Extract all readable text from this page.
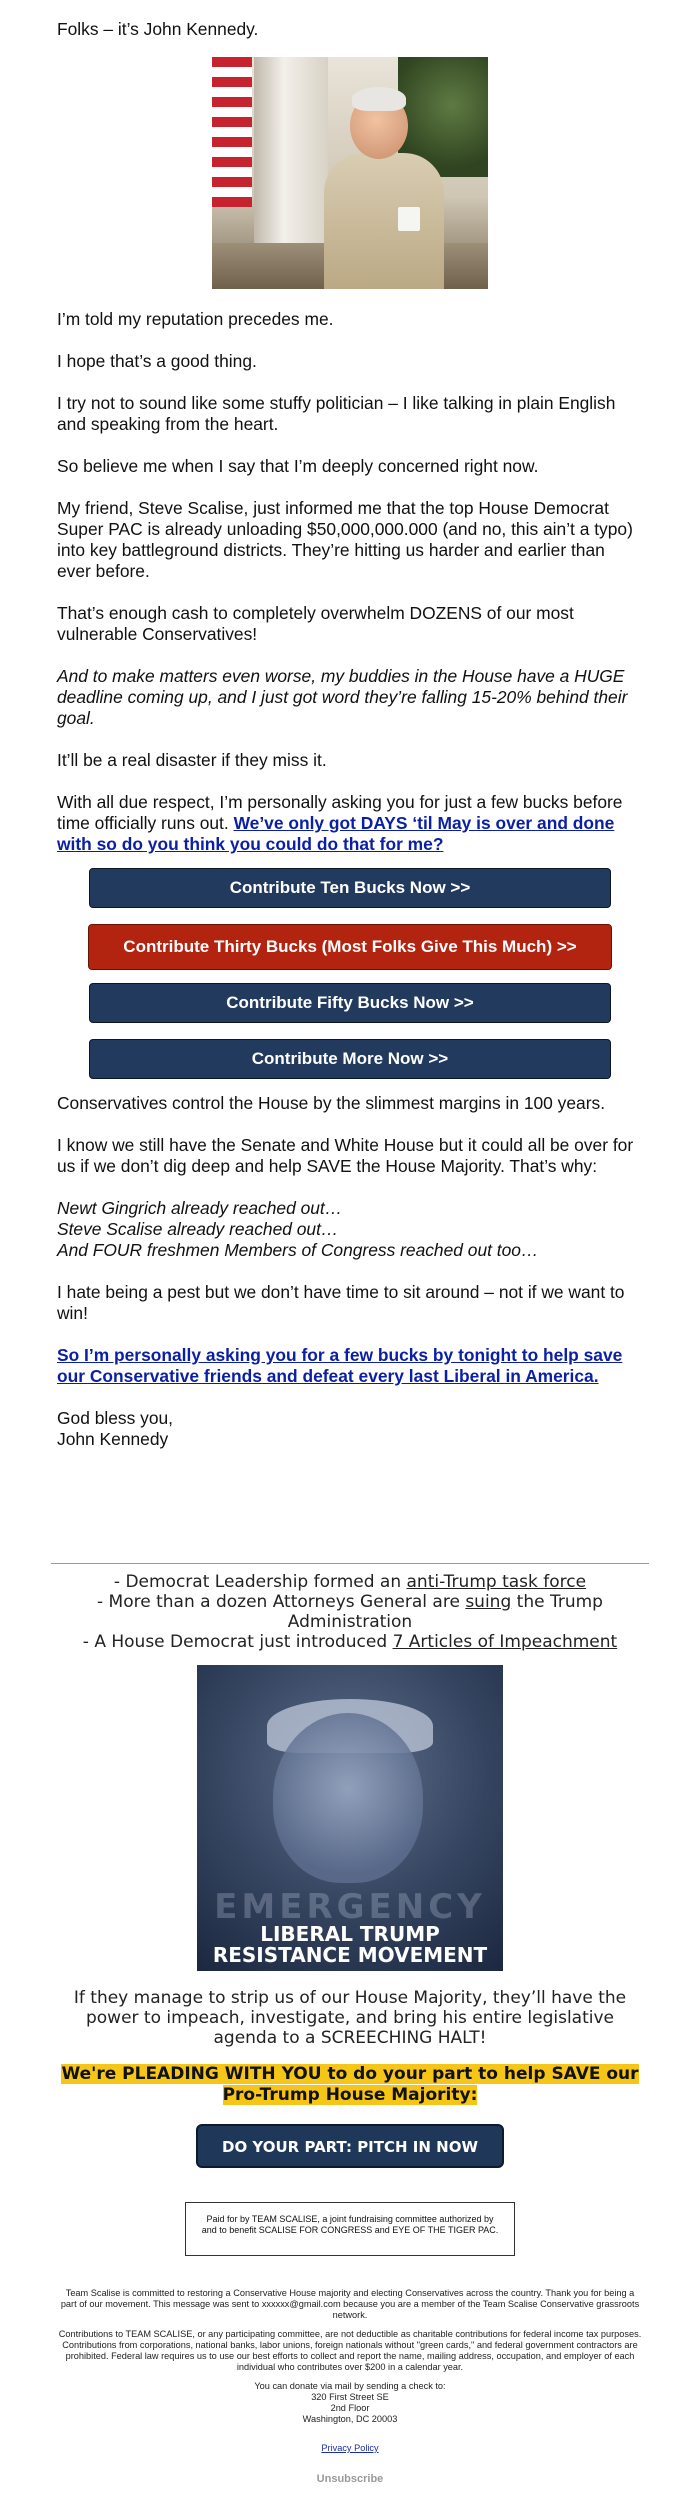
Folks – it’s John Kennedy.

I’m told my reputation precedes me.

I hope that’s a good thing.

I try not to sound like some stuffy politician – I like talking in plain English and speaking from the heart.

So believe me when I say that I’m deeply concerned right now.

My friend, Steve Scalise, just informed me that the top House Democrat Super PAC is already unloading $50,000,000.000 (and no, this ain’t a typo) into key battleground districts. They’re hitting us harder and earlier than ever before.

That’s enough cash to completely overwhelm DOZENS of our most vulnerable Conservatives!

And to make matters even worse, my buddies in the House have a HUGE deadline coming up, and I just got word they’re falling 15-20% behind their goal.

It’ll be a real disaster if they miss it.

With all due respect, I’m personally asking you for just a few bucks before time officially runs out. We’ve only got DAYS ‘til May is over and done with so do you think you could do that for me?

Contribute Ten Bucks Now >>
Contribute Thirty Bucks (Most Folks Give This Much) >>
Contribute Fifty Bucks Now >>
Contribute More Now >>

Conservatives control the House by the slimmest margins in 100 years.

I know we still have the Senate and White House but it could all be over for us if we don’t dig deep and help SAVE the House Majority. That’s why:

Newt Gingrich already reached out…

Steve Scalise already reached out…

And FOUR freshmen Members of Congress reached out too…

I hate being a pest but we don’t have time to sit around – not if we want to win!

So I’m personally asking you for a few bucks by tonight to help save our Conservative friends and defeat every last Liberal in America.

God bless you,

John Kennedy

- Democrat Leadership formed an anti-Trump task force

- More than a dozen Attorneys General are suing the Trump

Administration

- A House Democrat just introduced 7 Articles of Impeachment

EMERGENCY
LIBERAL TRUMP
RESISTANCE MOVEMENT

If they manage to strip us of our House Majority, they’ll have the power to impeach, investigate, and bring his entire legislative agenda to a SCREECHING HALT!

We're PLEADING WITH YOU to do your part to help SAVE our Pro-Trump House Majority:
DO YOUR PART: PITCH IN NOW
Paid for by TEAM SCALISE, a joint fundraising committee authorized by and to benefit SCALISE FOR CONGRESS and EYE OF THE TIGER PAC.

Team Scalise is committed to restoring a Conservative House majority and electing Conservatives across the country. Thank you for being a part of our movement. This message was sent to xxxxxx@gmail.com because you are a member of the Team Scalise Conservative grassroots network.

Contributions to TEAM SCALISE, or any participating committee, are not deductible as charitable contributions for federal income tax purposes. Contributions from corporations, national banks, labor unions, foreign nationals without "green cards," and federal government contractors are prohibited. Federal law requires us to use our best efforts to collect and report the name, mailing address, occupation, and employer of each individual who contributes over $200 in a calendar year.

You can donate via mail by sending a check to:

320 First Street SE

2nd Floor

Washington, DC 20003

Privacy Policy
Unsubscribe
